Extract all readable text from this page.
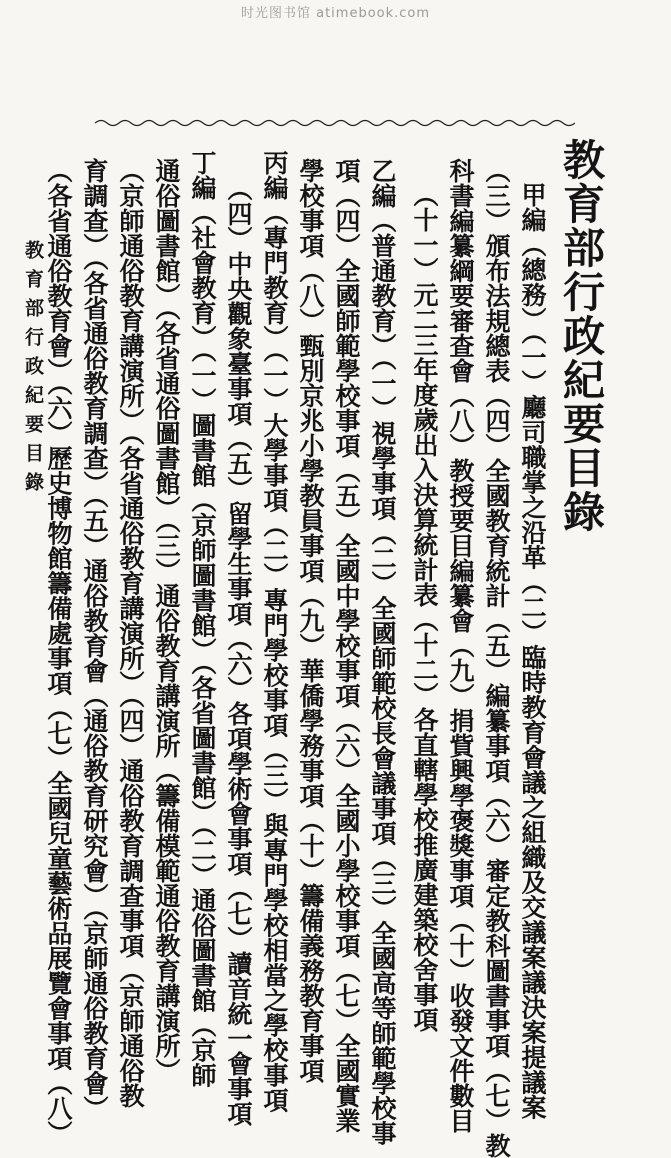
时光图书馆 atimebook.com
教育部行政紀要目錄
甲編（總務）（一）廳司職掌之沿革（二）臨時教育會議之組織及交議案議決案提議案
（三）頒布法規總表（四）全國教育統計（五）編纂事項（六）審定教科圖書事項（七）教
科書編纂綱要審查會（八）教授要目編纂會（九）捐貲興學褒獎事項（十）收發文件數目
（十一）元二三年度歲出入決算統計表（十二）各直轄學校推廣建築校舍事項
乙編（普通教育）（一）視學事項（二）全國師範校長會議事項（三）全國高等師範學校事
項（四）全國師範學校事項（五）全國中學校事項（六）全國小學校事項（七）全國實業
學校事項（八）甄別京兆小學教員事項（九）華僑學務事項（十）籌備義務教育事項
丙編（專門教育）（一）大學事項（二）專門學校事項（三）與專門學校相當之學校事項
（四）中央觀象臺事項（五）留學生事項（六）各項學術會事項（七）讀音統一會事項
丁編（社會教育）（一）圖書館（京師圖書館）（各省圖書館）（二）通俗圖書館（京師
通俗圖書館）（各省通俗圖書館）（三）通俗教育講演所（籌備模範通俗教育講演所）
（京師通俗教育講演所）（各省通俗教育講演所）（四）通俗教育調查事項（京師通俗教
育調查）（各省通俗教育調查）（五）通俗教育會（通俗教育研究會）（京師通俗教育會）
（各省通俗教育會）（六）歷史博物館籌備處事項（七）全國兒童藝術品展覽會事項（八）
教育部行政紀要目錄
